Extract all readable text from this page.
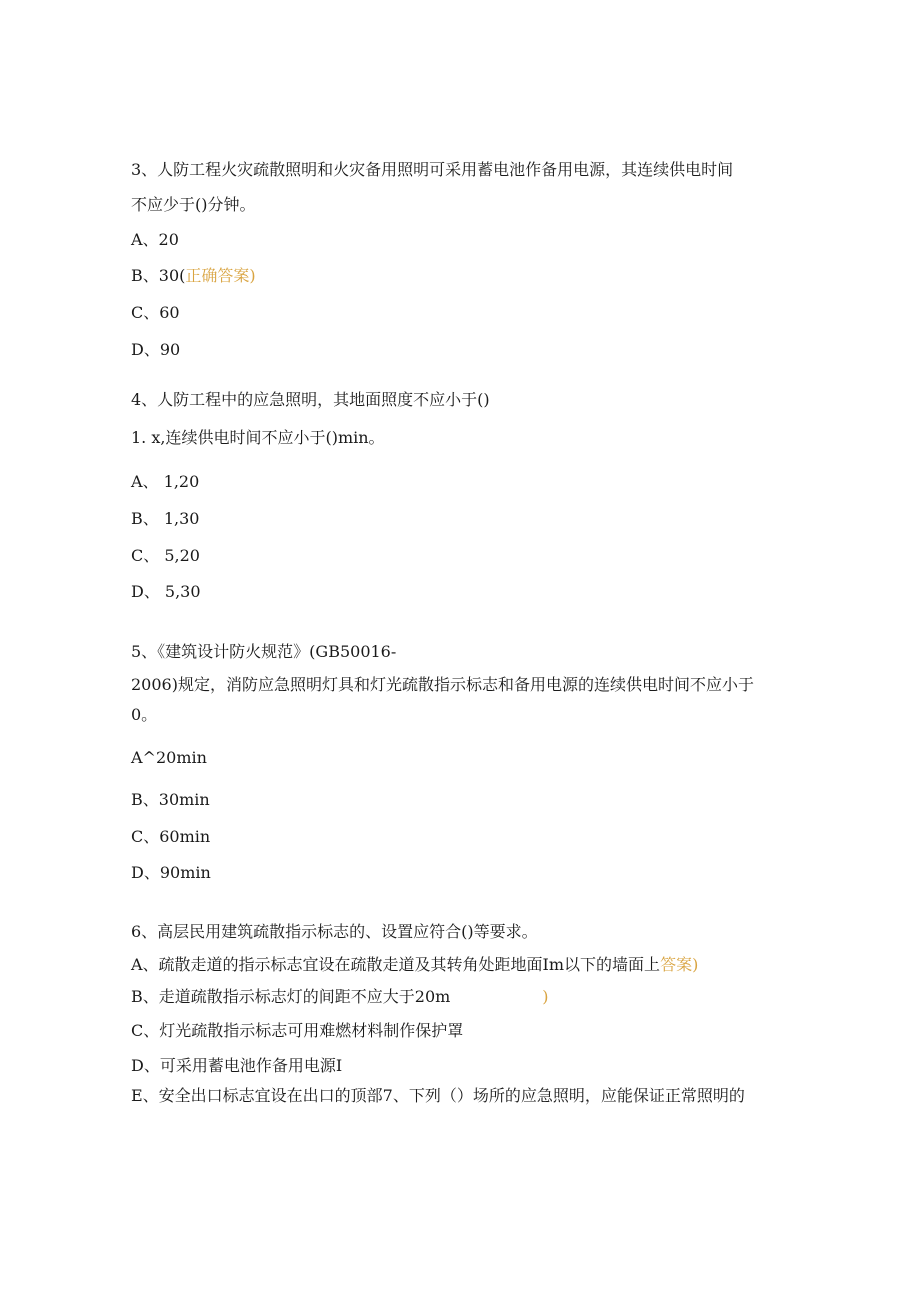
3、人防工程火灾疏散照明和火灾备用照明可采用蓄电池作备用电源，其连续供电时间
不应少于()分钟。
A、20
B、30(正确答案)
C、60
D、90
4、人防工程中的应急照明，其地面照度不应小于()
1. x,连续供电时间不应小于()min。
A、 1,20
B、 1,30
C、 5,20
D、 5,30
5、《建筑设计防火规范》(GB50016-
2006)规定，消防应急照明灯具和灯光疏散指示标志和备用电源的连续供电时间不应小于
0。
A^20min
B、30min
C、60min
D、90min
6、高层民用建筑疏散指示标志的、设置应符合()等要求。
A、疏散走道的指示标志宜设在疏散走道及其转角处距地面Im以下的墙面上答案)
B、走道疏散指示标志灯的间距不应大于20m	)
C、灯光疏散指示标志可用难燃材料制作保护罩
D、可采用蓄电池作备用电源I
E、安全出口标志宜设在出口的顶部7、下列（）场所的应急照明，应能保证正常照明的
